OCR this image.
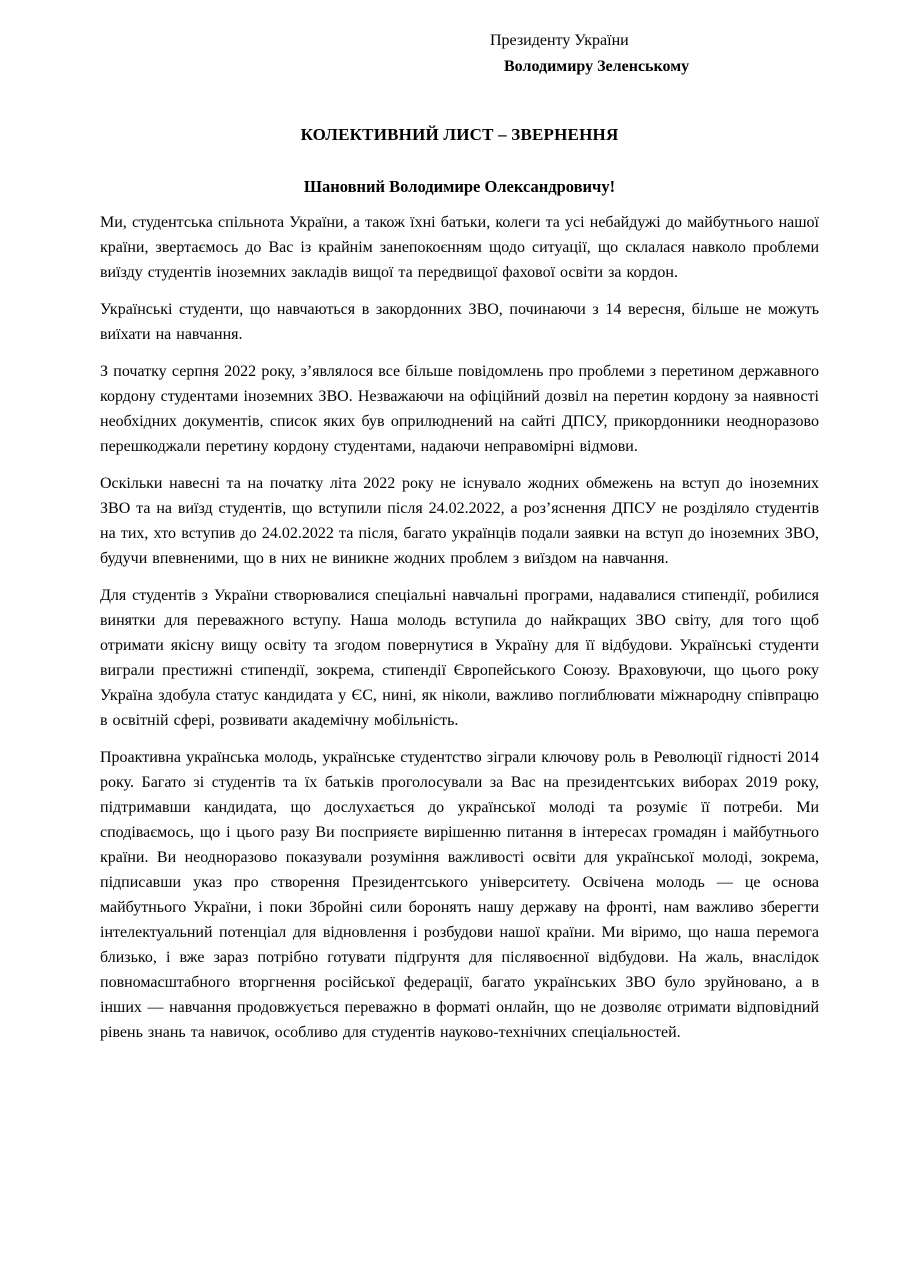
Президенту України
Володимиру Зеленському
КОЛЕКТИВНИЙ ЛИСТ – ЗВЕРНЕННЯ
Шановний Володимире Олександровичу!

Ми, студентська спільнота України, а також їхні батьки, колеги та усі небайдужі до майбутнього нашої країни, звертаємось до Вас із крайнім занепокоєнням щодо ситуації, що склалася навколо проблеми виїзду студентів іноземних закладів вищої та передвищої фахової освіти за кордон.

Українські студенти, що навчаються в закордонних ЗВО, починаючи з 14 вересня, більше не можуть виїхати на навчання.

З початку серпня 2022 року, з’являлося все більше повідомлень про проблеми з перетином державного кордону студентами іноземних ЗВО. Незважаючи на офіційний дозвіл на перетин кордону за наявності необхідних документів, список яких був оприлюднений на сайті ДПСУ, прикордонники неодноразово перешкоджали перетину кордону студентами, надаючи неправомірні відмови.

Оскільки навесні та на початку літа 2022 року не існувало жодних обмежень на вступ до іноземних ЗВО та на виїзд студентів, що вступили після 24.02.2022, а роз’яснення ДПСУ не розділяло студентів на тих, хто вступив до 24.02.2022 та після, багато українців подали заявки на вступ до іноземних ЗВО, будучи впевненими, що в них не виникне жодних проблем з виїздом на навчання.

Для студентів з України створювалися спеціальні навчальні програми, надавалися стипендії, робилися винятки для переважного вступу. Наша молодь вступила до найкращих ЗВО світу, для того щоб отримати якісну вищу освіту та згодом повернутися в Україну для її відбудови. Українські студенти виграли престижні стипендії, зокрема, стипендії Європейського Союзу. Враховуючи, що цього року Україна здобула статус кандидата у ЄС, нині, як ніколи, важливо поглиблювати міжнародну співпрацю в освітній сфері, розвивати академічну мобільність.

Проактивна українська молодь, українське студентство зіграли ключову роль в Революції гідності 2014 року. Багато зі студентів та їх батьків проголосували за Вас на президентських виборах 2019 року, підтримавши кандидата, що дослухається до української молоді та розуміє її потреби. Ми сподіваємось, що і цього разу Ви посприяєте вирішенню питання в інтересах громадян і майбутнього країни. Ви неодноразово показували розуміння важливості освіти для української молоді, зокрема, підписавши указ про створення Президентського університету. Освічена молодь — це основа майбутнього України, і поки Збройні сили боронять нашу державу на фронті, нам важливо зберегти інтелектуальний потенціал для відновлення і розбудови нашої країни. Ми віримо, що наша перемога близько, і вже зараз потрібно готувати підґрунтя для післявоєнної відбудови. На жаль, внаслідок повномасштабного вторгнення російської федерації, багато українських ЗВО було зруйновано, а в інших — навчання продовжується переважно в форматі онлайн, що не дозволяє отримати відповідний рівень знань та навичок, особливо для студентів науково-технічних спеціальностей.
